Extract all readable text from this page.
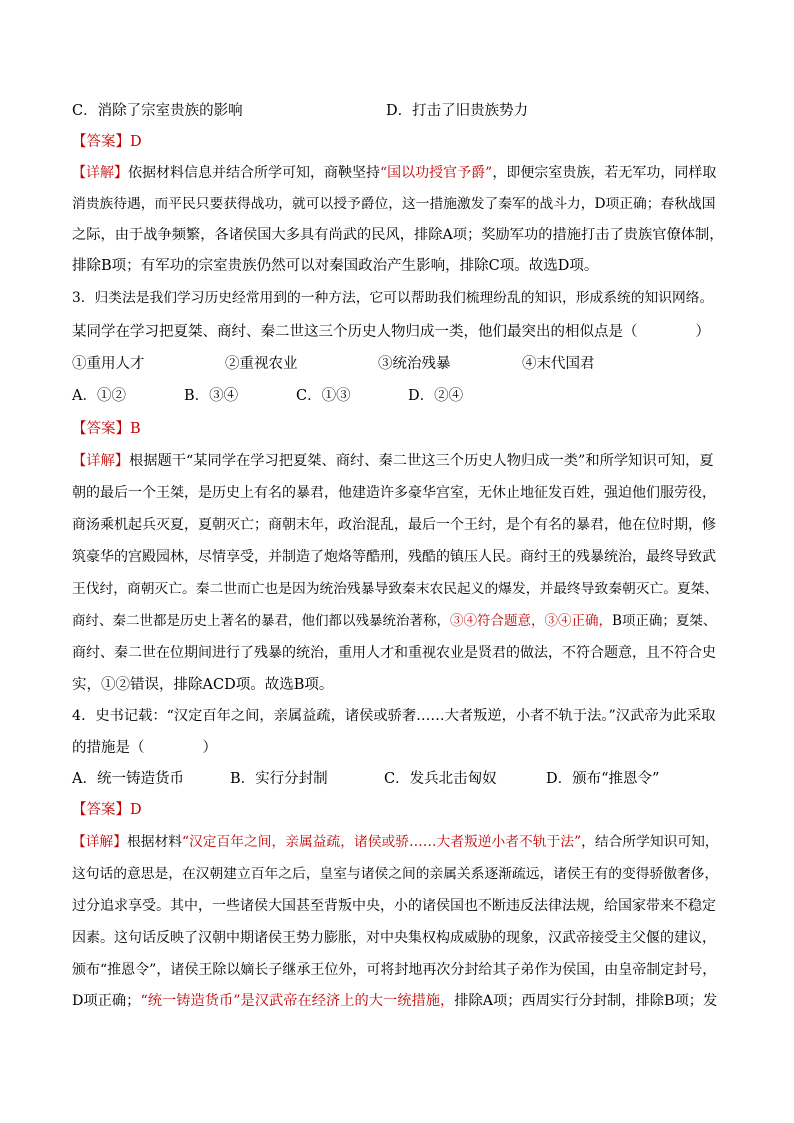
C．消除了宗室贵族的影响	D．打击了旧贵族势力
【答案】D
【详解】依据材料信息并结合所学可知，商鞅坚持“国以功授官予爵”，即便宗室贵族，若无军功，同样取
消贵族待遇，而平民只要获得战功，就可以授予爵位，这一措施激发了秦军的战斗力，D项正确；春秋战国
之际，由于战争频繁，各诸侯国大多具有尚武的民风，排除A项；奖励军功的措施打击了贵族官僚体制，
排除B项；有军功的宗室贵族仍然可以对秦国政治产生影响，排除C项。故选D项。
3．归类法是我们学习历史经常用到的一种方法，它可以帮助我们梳理纷乱的知识，形成系统的知识网络。
某同学在学习把夏桀、商纣、秦二世这三个历史人物归成一类，他们最突出的相似点是（　　　　）
①重用人才	②重视农业	③统治残暴	④末代国君
A．①②	B．③④	C．①③	D．②④
【答案】B
【详解】根据题干“某同学在学习把夏桀、商纣、秦二世这三个历史人物归成一类”和所学知识可知，夏
朝的最后一个王桀，是历史上有名的暴君，他建造许多豪华宫室，无休止地征发百姓，强迫他们服劳役，
商汤乘机起兵灭夏，夏朝灭亡；商朝末年，政治混乱，最后一个王纣，是个有名的暴君，他在位时期，修
筑豪华的宫殿园林，尽情享受，并制造了炮烙等酷刑，残酷的镇压人民。商纣王的残暴统治，最终导致武
王伐纣，商朝灭亡。秦二世而亡也是因为统治残暴导致秦末农民起义的爆发，并最终导致秦朝灭亡。夏桀、
商纣、秦二世都是历史上著名的暴君，他们都以残暴统治著称，③④符合题意，③④正确，B项正确；夏桀、
商纣、秦二世在位期间进行了残暴的统治，重用人才和重视农业是贤君的做法，不符合题意，且不符合史
实，①②错误，排除ACD项。故选B项。
4．史书记载：“汉定百年之间，亲属益疏，诸侯或骄奢……大者叛逆，小者不轨于法。”汉武帝为此采取
的措施是（　　　　）
A．统一铸造货币	B．实行分封制	C．发兵北击匈奴	D．颁布“推恩令”
【答案】D
【详解】根据材料“汉定百年之间，亲属益疏，诸侯或骄……大者叛逆小者不轨于法”，结合所学知识可知，
这句话的意思是，在汉朝建立百年之后，皇室与诸侯之间的亲属关系逐渐疏远，诸侯王有的变得骄傲奢侈，
过分追求享受。其中，一些诸侯大国甚至背叛中央，小的诸侯国也不断违反法律法规，给国家带来不稳定
因素。这句话反映了汉朝中期诸侯王势力膨胀，对中央集权构成威胁的现象，汉武帝接受主父偃的建议，
颁布“推恩令”，诸侯王除以嫡长子继承王位外，可将封地再次分封给其子弟作为侯国，由皇帝制定封号，
D项正确；“统一铸造货币”是汉武帝在经济上的大一统措施，排除A项；西周实行分封制，排除B项；发
